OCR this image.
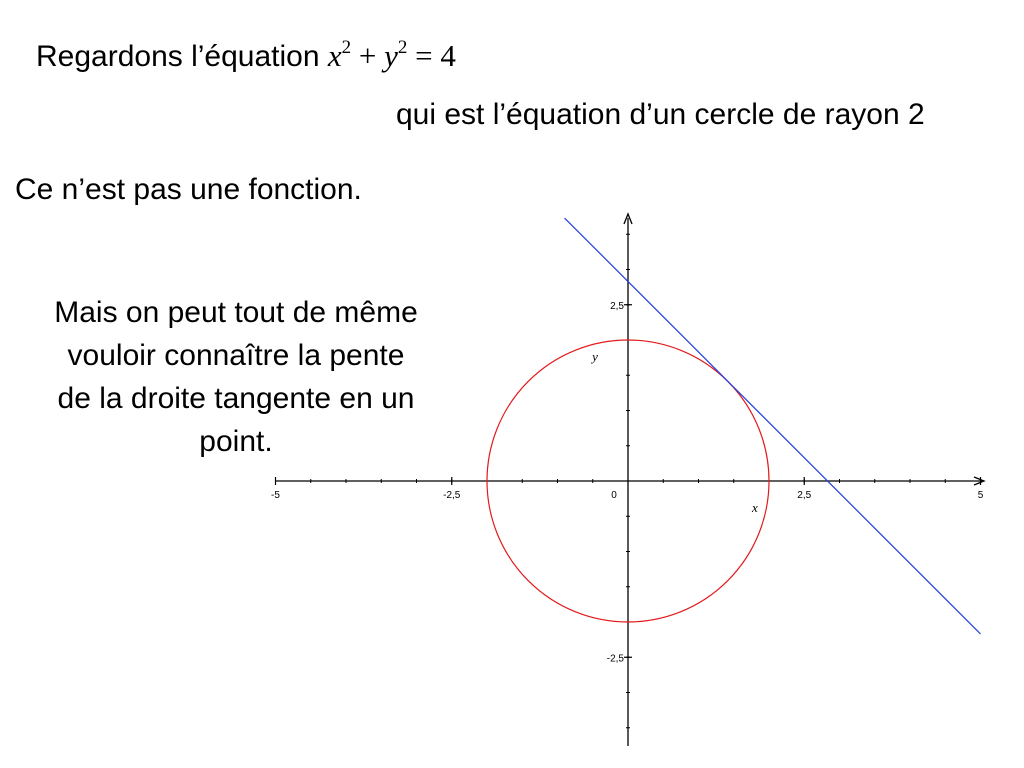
Regardons l’équation $x^2 + y^2 = 4$
qui est l’équation d’un cercle de rayon 2
Ce n’est pas une fonction.
Mais on peut tout de même
vouloir connaître la pente
de la droite tangente en un
point.
-5	-2,5	0	2,5	5
2,5
-2,5
x
y
